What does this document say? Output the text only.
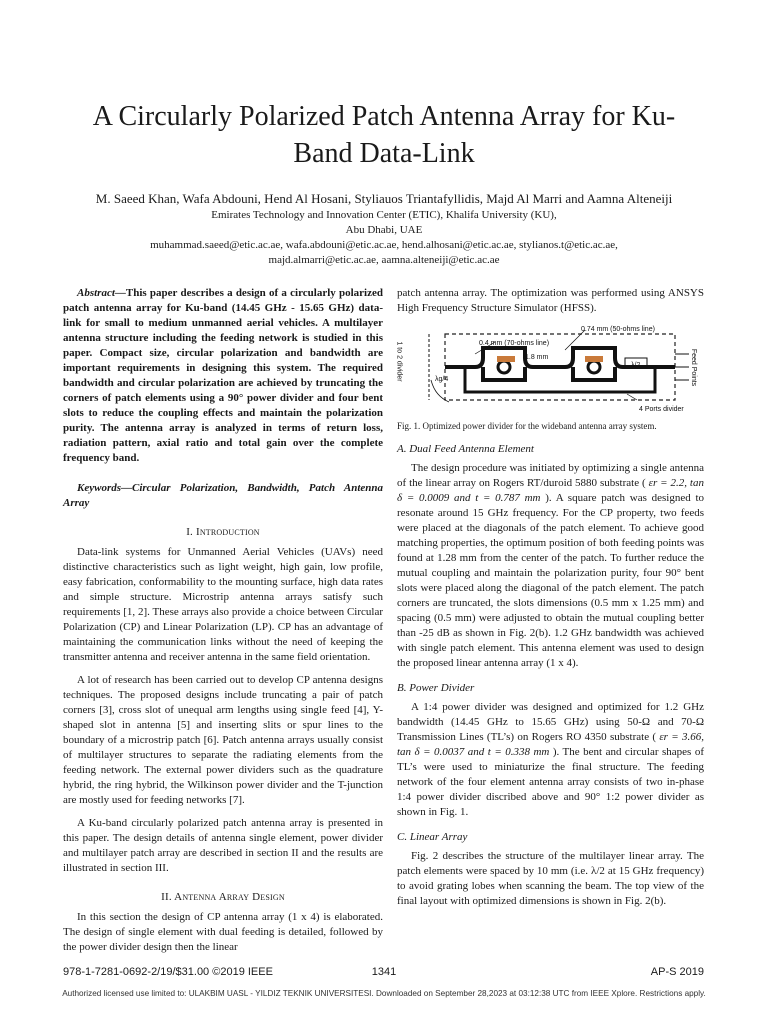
A Circularly Polarized Patch Antenna Array for Ku-
Band Data-Link
M. Saeed Khan, Wafa Abdouni, Hend Al Hosani, Styliauos Triantafyllidis, Majd Al Marri and Aamna Alteneiji
Emirates Technology and Innovation Center (ETIC), Khalifa University (KU),
Abu Dhabi, UAE
muhammad.saeed@etic.ac.ae, wafa.abdouni@etic.ac.ae, hend.alhosani@etic.ac.ae, stylianos.t@etic.ac.ae,
majd.almarri@etic.ac.ae, aamna.alteneiji@etic.ac.ae

Abstract—This paper describes a design of a circularly polarized patch antenna array for Ku-band (14.45 GHz - 15.65 GHz) data-link for small to medium unmanned aerial vehicles. A multilayer antenna structure including the feeding network is studied in this paper. Compact size, circular polarization and bandwidth are important requirements in designing this system. The required bandwidth and circular polarization are achieved by truncating the corners of patch elements using a 90° power divider and four bent slots to reduce the coupling effects and maintain the polarization purity. The antenna array is analyzed in terms of return loss, radiation pattern, axial ratio and total gain over the complete frequency band.

Keywords—Circular Polarization, Bandwidth, Patch Antenna Array

I. Introduction

Data-link systems for Unmanned Aerial Vehicles (UAVs) need distinctive characteristics such as light weight, high gain, low profile, easy fabrication, conformability to the mounting surface, high data rates and simple structure. Microstrip antenna arrays satisfy such requirements [1, 2]. These arrays also provide a choice between Circular Polarization (CP) and Linear Polarization (LP). CP has an advantage of maintaining the communication links without the need of keeping the transmitter antenna and receiver antenna in the same field orientation.

A lot of research has been carried out to develop CP antenna designs techniques. The proposed designs include truncating a pair of patch corners [3], cross slot of unequal arm lengths using single feed [4], Y-shaped slot in antenna [5] and inserting slits or spur lines to the boundary of a microstrip patch [6]. Patch antenna arrays usually consist of multilayer structures to separate the radiating elements from the feeding network. The external power dividers such as the quadrature hybrid, the ring hybrid, the Wilkinson power divider and the T-junction are mostly used for feeding networks [7].

A Ku-band circularly polarized patch antenna array is presented in this paper. The design details of antenna single element, power divider and multilayer patch array are described in section II and the results are illustrated in section III.

II. Antenna Array Design

In this section the design of CP antenna array (1 x 4) is elaborated. The design of single element with dual feeding is detailed, followed by the power divider design then the linear

patch antenna array. The optimization was performed using ANSYS High Frequency Structure Simulator (HFSS).

0.74 mm (50-ohms line)
0.4 mm (70-ohms line)
1.8 mm
1 to 2 divider	λg/4	Feed Points
λ/2
4 Ports divider

Fig. 1. Optimized power divider for the wideband antenna array system.

A. Dual Feed Antenna Element

The design procedure was initiated by optimizing a single antenna of the linear array on Rogers RT/duroid 5880 substrate ( εr = 2.2, tan δ = 0.0009 and t = 0.787 mm ). A square patch was designed to resonate around 15 GHz frequency. For the CP property, two feeds were placed at the diagonals of the patch element. To achieve good matching properties, the optimum position of both feeding points was found at 1.28 mm from the center of the patch. To further reduce the mutual coupling and maintain the polarization purity, four 90° bent slots were placed along the diagonal of the patch element. The patch corners are truncated, the slots dimensions (0.5 mm x 1.25 mm) and spacing (0.5 mm) were adjusted to obtain the mutual coupling better than -25 dB as shown in Fig. 2(b). 1.2 GHz bandwidth was achieved with single patch element. This antenna element was used to design the proposed linear antenna array (1 x 4).

B. Power Divider

A 1:4 power divider was designed and optimized for 1.2 GHz bandwidth (14.45 GHz to 15.65 GHz) using 50-Ω and 70-Ω Transmission Lines (TL’s) on Rogers RO 4350 substrate ( εr = 3.66, tan δ = 0.0037 and t = 0.338 mm ). The bent and circular shapes of TL’s were used to miniaturize the final structure. The feeding network of the four element antenna array consists of two in-phase 1:4 power divider discribed above and 90° 1:2 power divider as shown in Fig. 1.

C. Linear Array

Fig. 2 describes the structure of the multilayer linear array. The patch elements were spaced by 10 mm (i.e. λ/2 at 15 GHz frequency) to avoid grating lobes when scanning the beam. The top view of the final layout with optimized dimensions is shown in Fig. 2(b).

978-1-7281-0692-2/19/$31.00 ©2019 IEEE	1341	AP-S 2019
Authorized licensed use limited to: ULAKBIM UASL - YILDIZ TEKNIK UNIVERSITESI. Downloaded on September 28,2023 at 03:12:38 UTC from IEEE Xplore. Restrictions apply.
